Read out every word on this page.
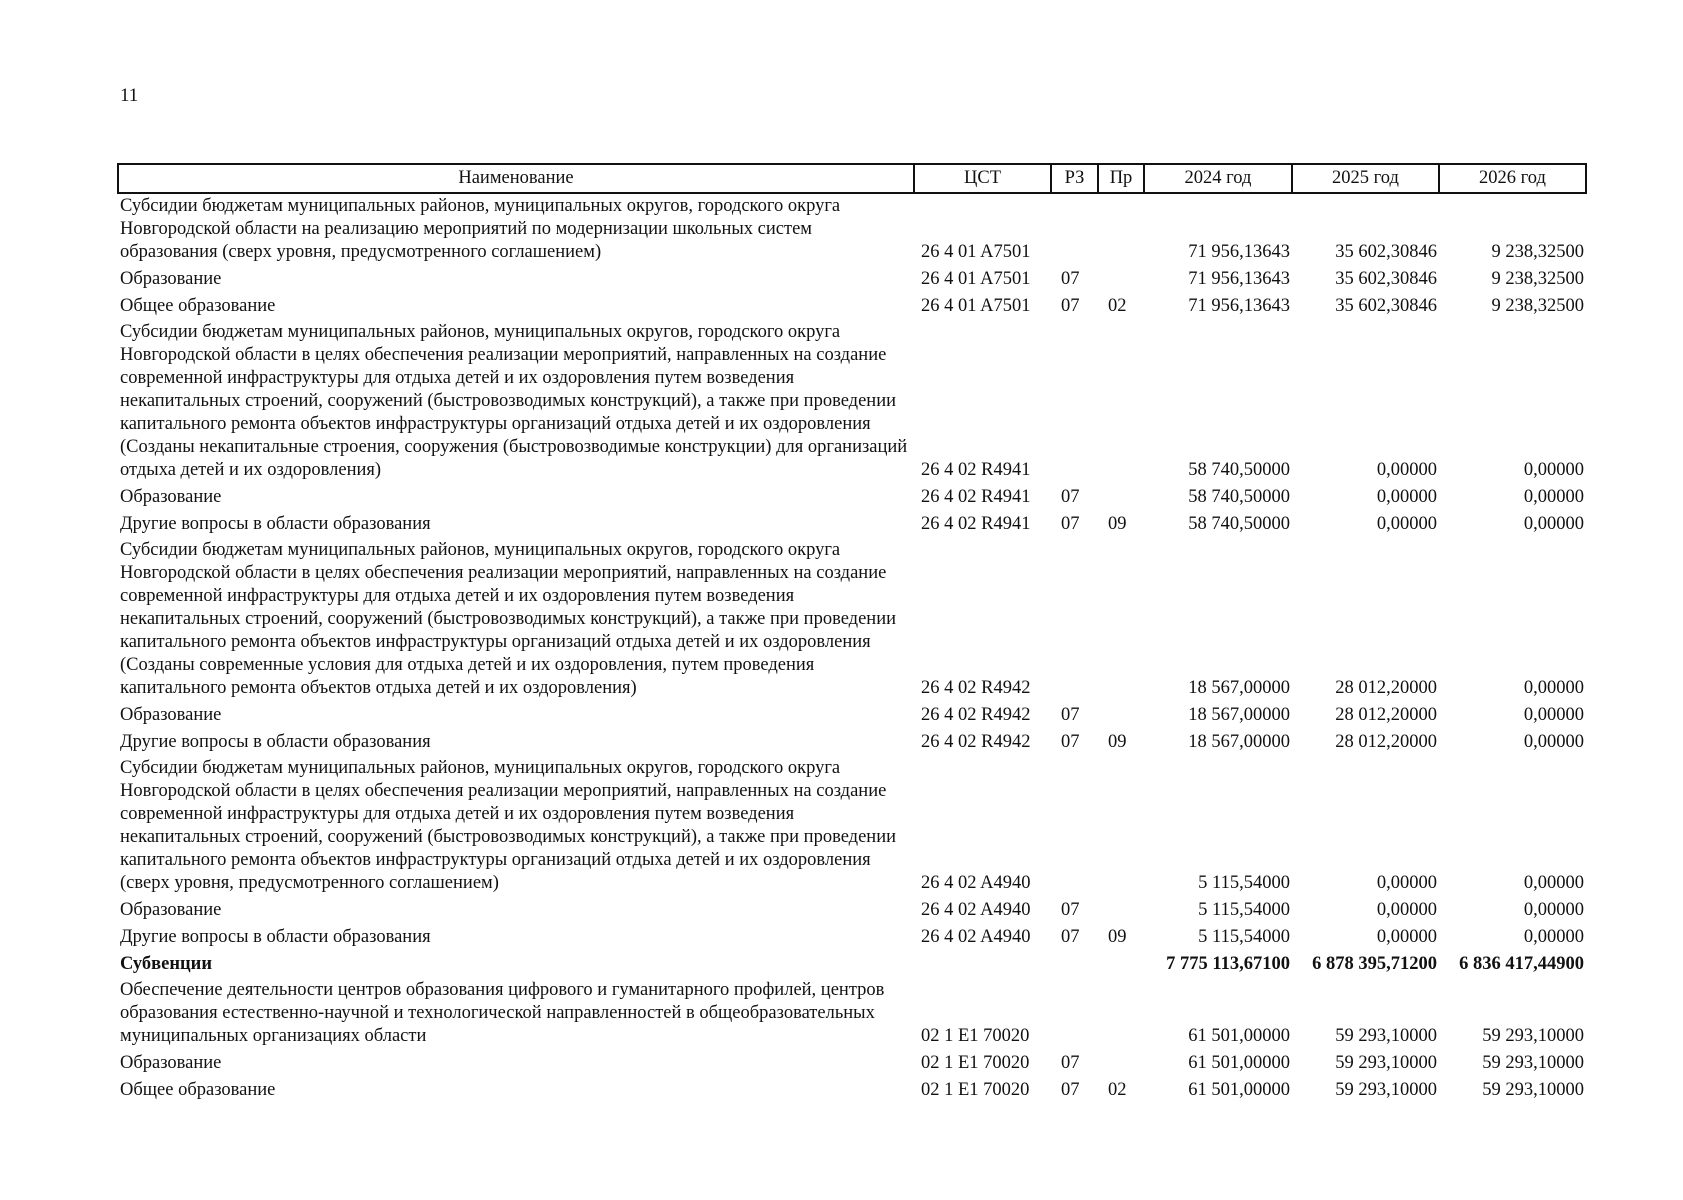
11
Наименование	ЦСТ	РЗ	Пр	2024 год	2025 год	2026 год
Субсидии бюджетам муниципальных районов, муниципальных округов, городского округа Новгородской области на реализацию мероприятий по модернизации школьных систем образования (сверх уровня, предусмотренного соглашением)	26 4 01 A7501			71 956,13643	35 602,30846	9 238,32500
Образование	26 4 01 A7501	07		71 956,13643	35 602,30846	9 238,32500
Общее образование	26 4 01 A7501	07	02	71 956,13643	35 602,30846	9 238,32500
Субсидии бюджетам муниципальных районов, муниципальных округов, городского округа Новгородской области в целях обеспечения реализации мероприятий, направленных на создание современной инфраструктуры для отдыха детей и их оздоровления путем возведения некапитальных строений, сооружений (быстровозводимых конструкций), а также при проведении капитального ремонта объектов инфраструктуры организаций отдыха детей и их оздоровления (Созданы некапитальные строения, сооружения (быстровозводимые конструкции) для организаций отдыха детей и их оздоровления)	26 4 02 R4941			58 740,50000	0,00000	0,00000
Образование	26 4 02 R4941	07		58 740,50000	0,00000	0,00000
Другие вопросы в области образования	26 4 02 R4941	07	09	58 740,50000	0,00000	0,00000
Субсидии бюджетам муниципальных районов, муниципальных округов, городского округа Новгородской области в целях обеспечения реализации мероприятий, направленных на создание современной инфраструктуры для отдыха детей и их оздоровления путем возведения некапитальных строений, сооружений (быстровозводимых конструкций), а также при проведении капитального ремонта объектов инфраструктуры организаций отдыха детей и их оздоровления (Созданы современные условия для отдыха детей и их оздоровления, путем проведения капитального ремонта объектов отдыха детей и их оздоровления)	26 4 02 R4942			18 567,00000	28 012,20000	0,00000
Образование	26 4 02 R4942	07		18 567,00000	28 012,20000	0,00000
Другие вопросы в области образования	26 4 02 R4942	07	09	18 567,00000	28 012,20000	0,00000
Субсидии бюджетам муниципальных районов, муниципальных округов, городского округа Новгородской области в целях обеспечения реализации мероприятий, направленных на создание современной инфраструктуры для отдыха детей и их оздоровления путем возведения некапитальных строений, сооружений (быстровозводимых конструкций), а также при проведении капитального ремонта объектов инфраструктуры организаций отдыха детей и их оздоровления (сверх уровня, предусмотренного соглашением)	26 4 02 A4940			5 115,54000	0,00000	0,00000
Образование	26 4 02 A4940	07		5 115,54000	0,00000	0,00000
Другие вопросы в области образования	26 4 02 A4940	07	09	5 115,54000	0,00000	0,00000
Субвенции				7 775 113,67100	6 878 395,71200	6 836 417,44900
Обеспечение деятельности центров образования цифрового и гуманитарного профилей, центров образования естественно-научной и технологической направленностей в общеобразовательных муниципальных организациях области	02 1 E1 70020			61 501,00000	59 293,10000	59 293,10000
Образование	02 1 E1 70020	07		61 501,00000	59 293,10000	59 293,10000
Общее образование	02 1 E1 70020	07	02	61 501,00000	59 293,10000	59 293,10000
